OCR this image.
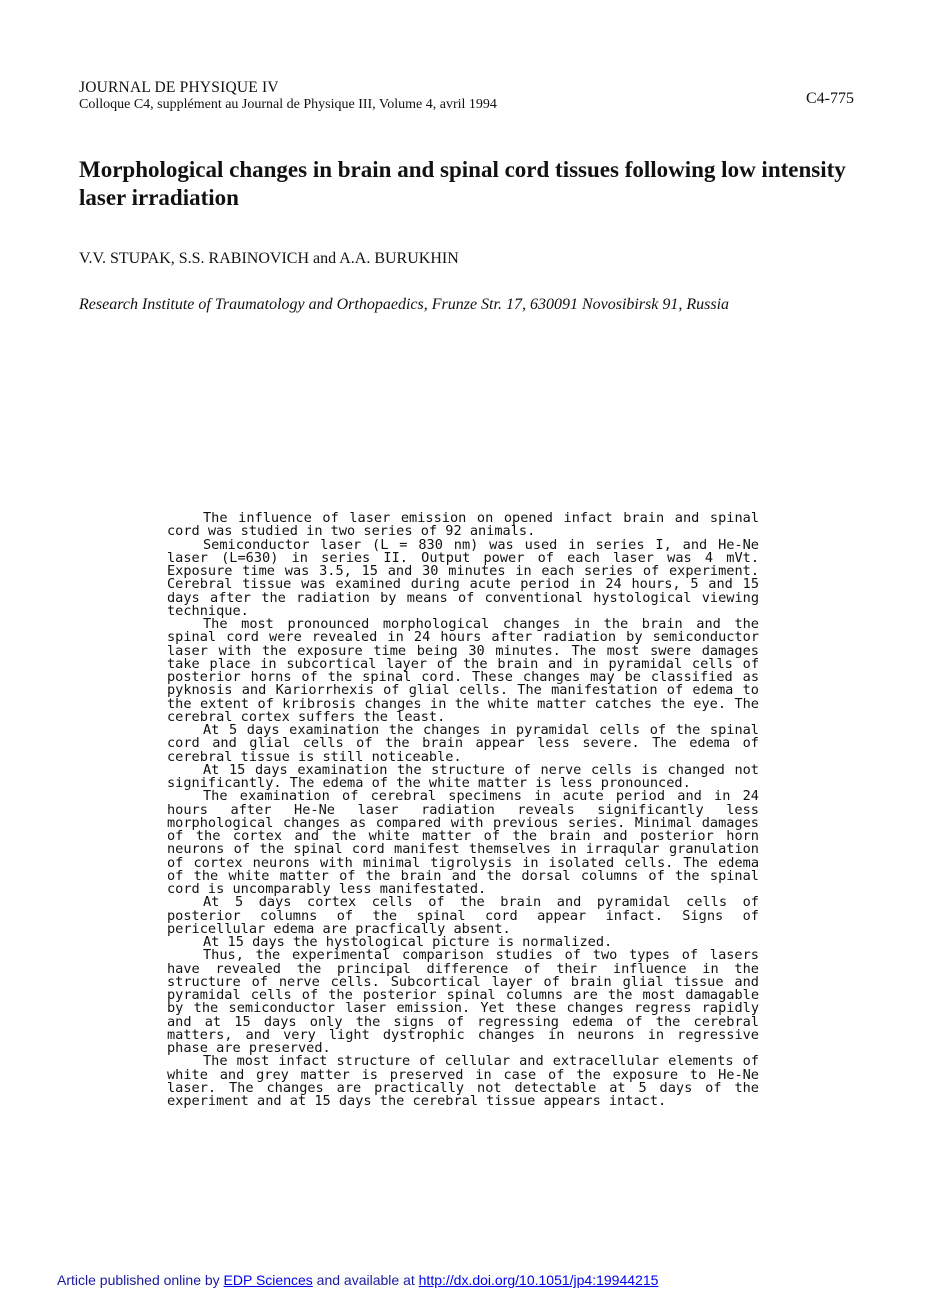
JOURNAL DE PHYSIQUE IV
Colloque C4, supplément au Journal de Physique III, Volume 4, avril 1994	C4-775
Morphological changes in brain and spinal cord tissues following low intensity laser irradiation
V.V. STUPAK, S.S. RABINOVICH and A.A. BURUKHIN
Research Institute of Traumatology and Orthopaedics, Frunze Str. 17, 630091 Novosibirsk 91, Russia

The influence of laser emission on opened infact brain and spinal cord was studied in two series of 92 animals.

Semiconductor laser (L = 830 nm) was used in series I, and He-Ne laser (L=630) in series II. Output power of each laser was 4 mVt. Exposure time was 3.5, 15 and 30 minutes in each series of experiment. Cerebral tissue was examined during acute period in 24 hours, 5 and 15 days after the radiation by means of conventional hystological viewing technique.

The most pronounced morphological changes in the brain and the spinal cord were revealed in 24 hours after radiation by semiconductor laser with the exposure time being 30 minutes. The most swere damages take place in subcortical layer of the brain and in pyramidal cells of posterior horns of the spinal cord. These changes may be classified as pyknosis and Kariorrhexis of glial cells. The manifestation of edema to the extent of kribrosis changes in the white matter catches the eye. The cerebral cortex suffers the least.

At 5 days examination the changes in pyramidal cells of the spinal cord and glial cells of the brain appear less severe. The edema of cerebral tissue is still noticeable.

At 15 days examination the structure of nerve cells is changed not significantly. The edema of the white matter is less pronounced.

The examination of cerebral specimens in acute period and in 24 hours after He-Ne laser radiation reveals significantly less morphological changes as compared with previous series. Minimal damages of the cortex and the white matter of the brain and posterior horn neurons of the spinal cord manifest themselves in irraqular granulation of cortex neurons with minimal tigrolysis in isolated cells. The edema of the white matter of the brain and the dorsal columns of the spinal cord is uncomparably less manifestated.

At 5 days cortex cells of the brain and pyramidal cells of posterior columns of the spinal cord appear infact. Signs of pericellular edema are pracfically absent.

At 15 days the hystological picture is normalized.

Thus, the experimental comparison studies of two types of lasers have revealed the principal difference of their influence in the structure of nerve cells. Subcortical layer of brain glial tissue and pyramidal cells of the posterior spinal columns are the most damagable by the semiconductor laser emission. Yet these changes regress rapidly and at 15 days only the signs of regressing edema of the cerebral matters, and very light dystrophic changes in neurons in regressive phase are preserved.

The most infact structure of cellular and extracellular elements of white and grey matter is preserved in case of the exposure to He-Ne laser. The changes are practically not detectable at 5 days of the experiment and at 15 days the cerebral tissue appears intact.

Article published online by EDP Sciences and available at http://dx.doi.org/10.1051/jp4:19944215
